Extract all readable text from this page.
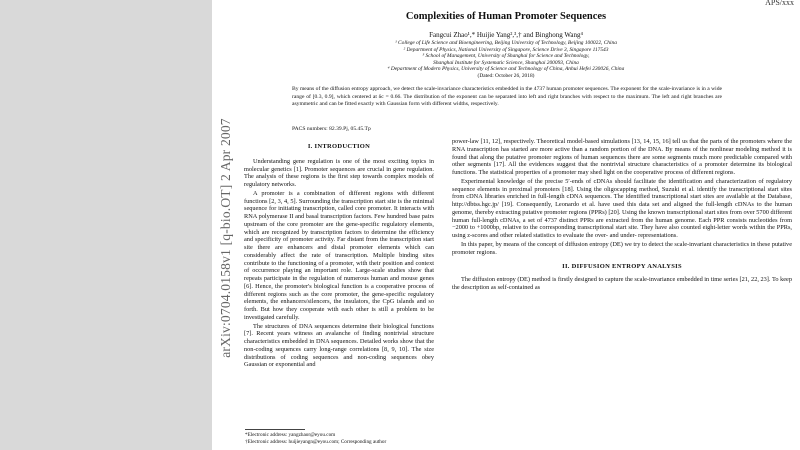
arXiv:0704.0158v1 [q-bio.OT] 2 Apr 2007
APS/xxx
Complexities of Human Promoter Sequences
Fangcui Zhao¹,* Huijie Yang²,³,† and Binghong Wang⁴
¹ College of Life Science and Bioengineering, Beijing University of Technology, Beijing 100022, China
² Department of Physics, National University of Singapore, Science Drive 3, Singapore 117543
³ School of Management, University of Shanghai for Science and Technology,
Shanghai Institute for Systematic Science, Shanghai 200093, China
⁴ Department of Modern Physics, University of Science and Technology of China, Anhui Hefei 230026, China
(Dated: October 26, 2018)
By means of the diffusion entropy approach, we detect the scale-invariance characteristics embedded in the 4737 human promoter sequences. The exponent for the scale-invariance is in a wide range of [0.3, 0.9], which centered at δc = 0.66. The distribution of the exponent can be separated into left and right branches with respect to the maximum. The left and right branches are asymmetric and can be fitted exactly with Gaussian form with different widths, respectively.
PACS numbers: 82.39.Pj, 05.45.Tp
I. INTRODUCTION

Understanding gene regulation is one of the most exciting topics in molecular genetics [1]. Promoter sequences are crucial in gene regulation. The analysis of these regions is the first step towards complex models of regulatory networks.

A promoter is a combination of different regions with different functions [2, 3, 4, 5]. Surrounding the transcription start site is the minimal sequence for initiating transcription, called core promoter. It interacts with RNA polymerase II and basal transcription factors. Few hundred base pairs upstream of the core promoter are the gene-specific regulatory elements, which are recognized by transcription factors to determine the efficiency and specificity of promoter activity. Far distant from the transcription start site there are enhancers and distal promoter elements which can considerably affect the rate of transcription. Multiple binding sites contribute to the functioning of a promoter, with their position and context of occurrence playing an important role. Large-scale studies show that repeats participate in the regulation of numerous human and mouse genes [6]. Hence, the promoter's biological function is a cooperative process of different regions such as the core promoter, the gene-specific regulatory elements, the enhancers/silencers, the insulators, the CpG islands and so forth. But how they cooperate with each other is still a problem to be investigated carefully.

The structures of DNA sequences determine their biological functions [7]. Recent years witness an avalanche of finding nontrivial structure characteristics embedded in DNA sequences. Detailed works show that the non-coding sequences carry long-range correlations [8, 9, 10]. The size distributions of coding sequences and non-coding sequences obey Gaussian or exponential and

*Electronic address: yangzhaor@eyou.com
†Electronic address: huijieyangn@eyou.com; Corresponding author

power-law [11, 12], respectively. Theoretical model-based simulations [13, 14, 15, 16] tell us that the parts of the promoters where the RNA transcription has started are more active than a random portion of the DNA. By means of the nonlinear modeling method it is found that along the putative promoter regions of human sequences there are some segments much more predictable compared with other segments [17]. All the evidences suggest that the nontrivial structure characteristics of a promoter determine its biological functions. The statistical properties of a promoter may shed light on the cooperative process of different regions.

Experimental knowledge of the precise 5′-ends of cDNAs should facilitate the identification and characterization of regulatory sequence elements in proximal promoters [18]. Using the oligocapping method, Suzuki et al. identify the transcriptional start sites from cDNA libraries enriched in full-length cDNA sequences. The identified transcriptional start sites are available at the Database, http://dbtss.hgc.jp/ [19]. Consequently, Leonardo et al. have used this data set and aligned the full-length cDNAs to the human genome, thereby extracting putative promoter regions (PPRs) [20]. Using the known transcriptional start sites from over 5700 different human full-length cDNAs, a set of 4737 distinct PPRs are extracted from the human genome. Each PPR consists nucleotides from −2000 to +1000bp, relative to the corresponding transcriptional start site. They have also counted eight-letter words within the PPRs, using z-scores and other related statistics to evaluate the over- and under- representations.

In this paper, by means of the concept of diffusion entropy (DE) we try to detect the scale-invariant characteristics in these putative promoter regions.

II. DIFFUSION ENTROPY ANALYSIS

The diffusion entropy (DE) method is firstly designed to capture the scale-invariance embedded in time series [21, 22, 23]. To keep the description as self-contained as
